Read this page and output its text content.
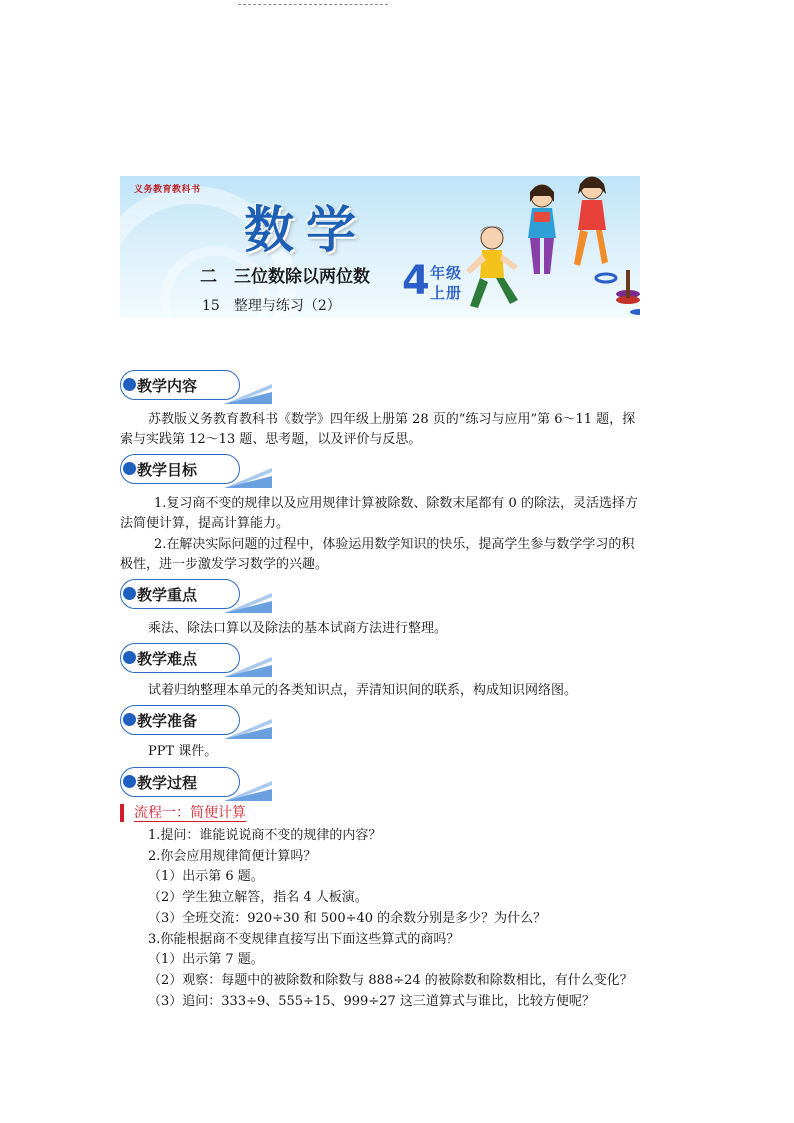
义务教育教科书
数学
二　三位数除以两位数
15　整理与练习（2）
4 年级
上册
教学内容
苏教版义务教育教科书《数学》四年级上册第 28 页的“练习与应用”第 6～11 题，探
索与实践第 12～13 题、思考题，以及评价与反思。
教学目标
1.复习商不变的规律以及应用规律计算被除数、除数末尾都有 0 的除法，灵活选择方
法简便计算，提高计算能力。
2.在解决实际问题的过程中，体验运用数学知识的快乐，提高学生参与数学学习的积
极性，进一步激发学习数学的兴趣。
教学重点
乘法、除法口算以及除法的基本试商方法进行整理。
教学难点
试着归纳整理本单元的各类知识点，弄清知识间的联系，构成知识网络图。
教学准备
PPT 课件。
教学过程
流程一：简便计算
1.提问：谁能说说商不变的规律的内容？
2.你会应用规律简便计算吗？
（1）出示第 6 题。
（2）学生独立解答，指名 4 人板演。
（3）全班交流：920÷30 和 500÷40 的余数分别是多少？为什么？
3.你能根据商不变规律直接写出下面这些算式的商吗？
（1）出示第 7 题。
（2）观察：每题中的被除数和除数与 888÷24 的被除数和除数相比，有什么变化？
（3）追问：333÷9、555÷15、999÷27 这三道算式与谁比，比较方便呢？
